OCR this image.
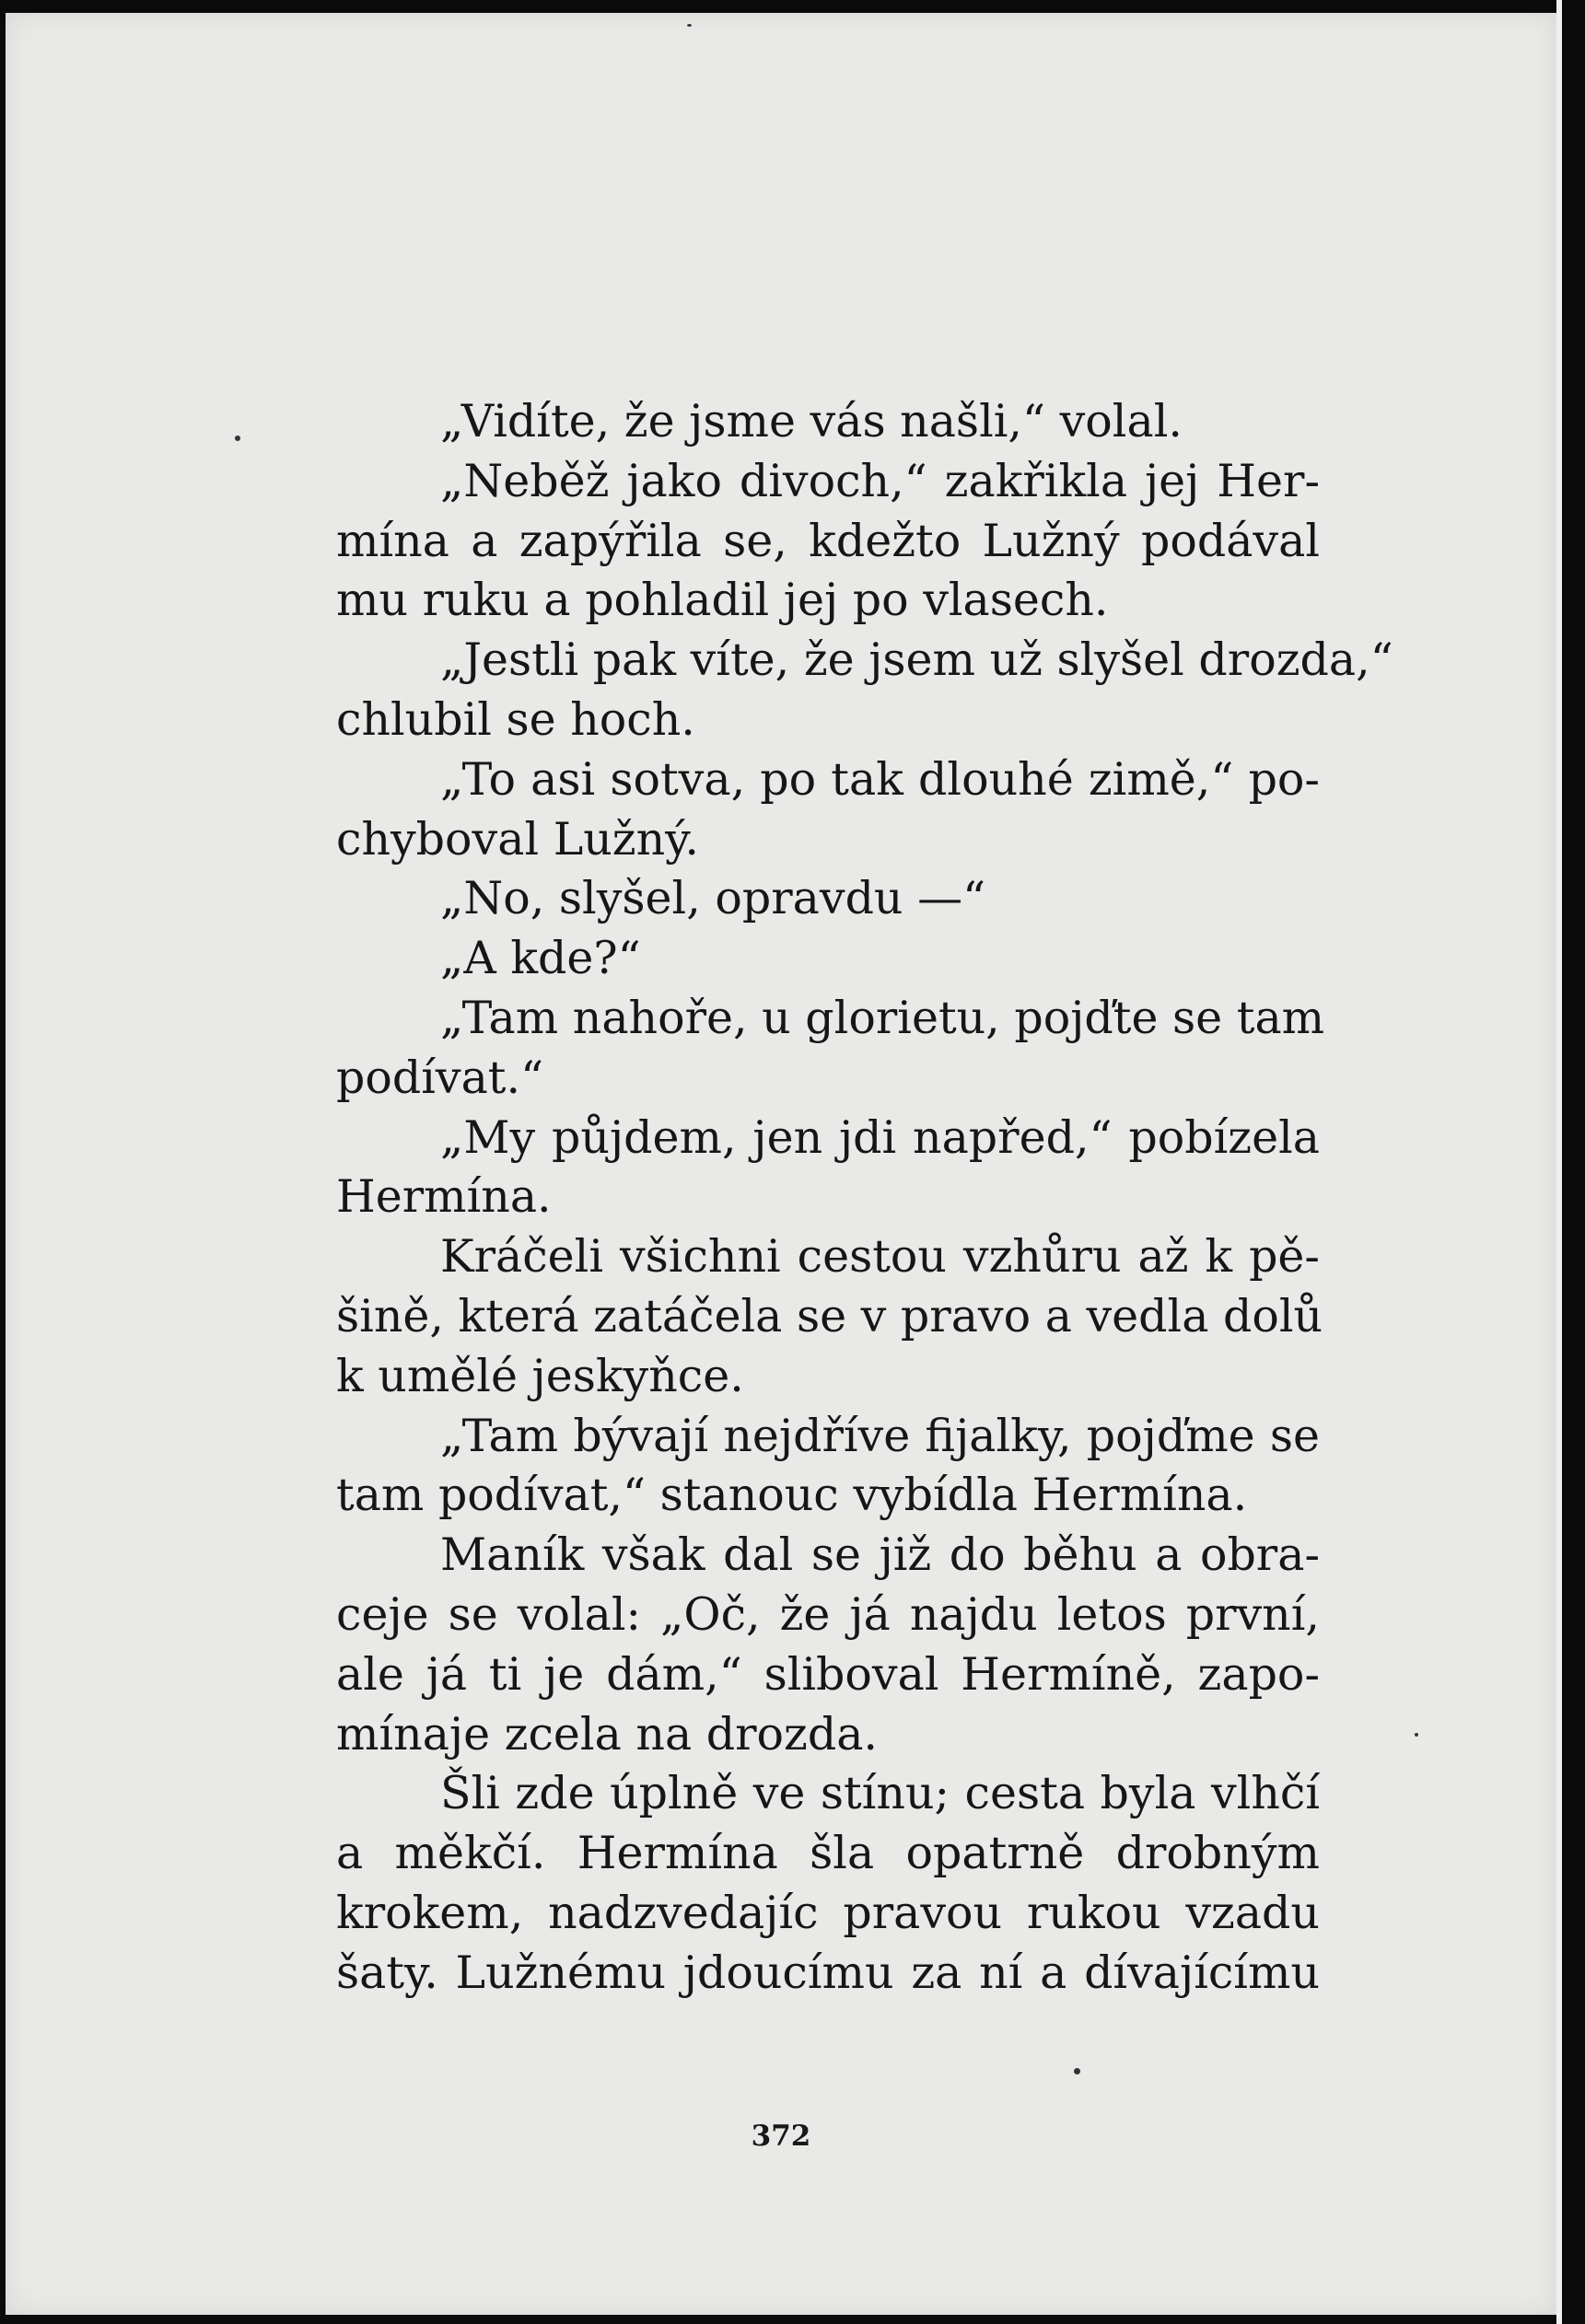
„Vidíte, že jsme vás našli,“ volal.
„Neběž jako divoch,“ zakřikla jej Her-
mína a zapýřila se, kdežto Lužný podával
mu ruku a pohladil jej po vlasech.
„Jestli pak víte, že jsem už slyšel drozda,“
chlubil se hoch.
„To asi sotva, po tak dlouhé zimě,“ po-
chyboval Lužný.
„No, slyšel, opravdu —“
„A kde?“
„Tam nahoře, u glorietu, pojďte se tam
podívat.“
„My půjdem, jen jdi napřed,“ pobízela
Hermína.
Kráčeli všichni cestou vzhůru až k pě-
šině, která zatáčela se v pravo a vedla dolů
k umělé jeskyňce.
„Tam bývají nejdříve fijalky, pojďme se
tam podívat,“ stanouc vybídla Hermína.
Maník však dal se již do běhu a obra-
ceje se volal: „Oč, že já najdu letos první,
ale já ti je dám,“ sliboval Hermíně, zapo-
mínaje zcela na drozda.
Šli zde úplně ve stínu; cesta byla vlhčí
a měkčí. Hermína šla opatrně drobným
krokem, nadzvedajíc pravou rukou vzadu
šaty. Lužnému jdoucímu za ní a dívajícímu
372
